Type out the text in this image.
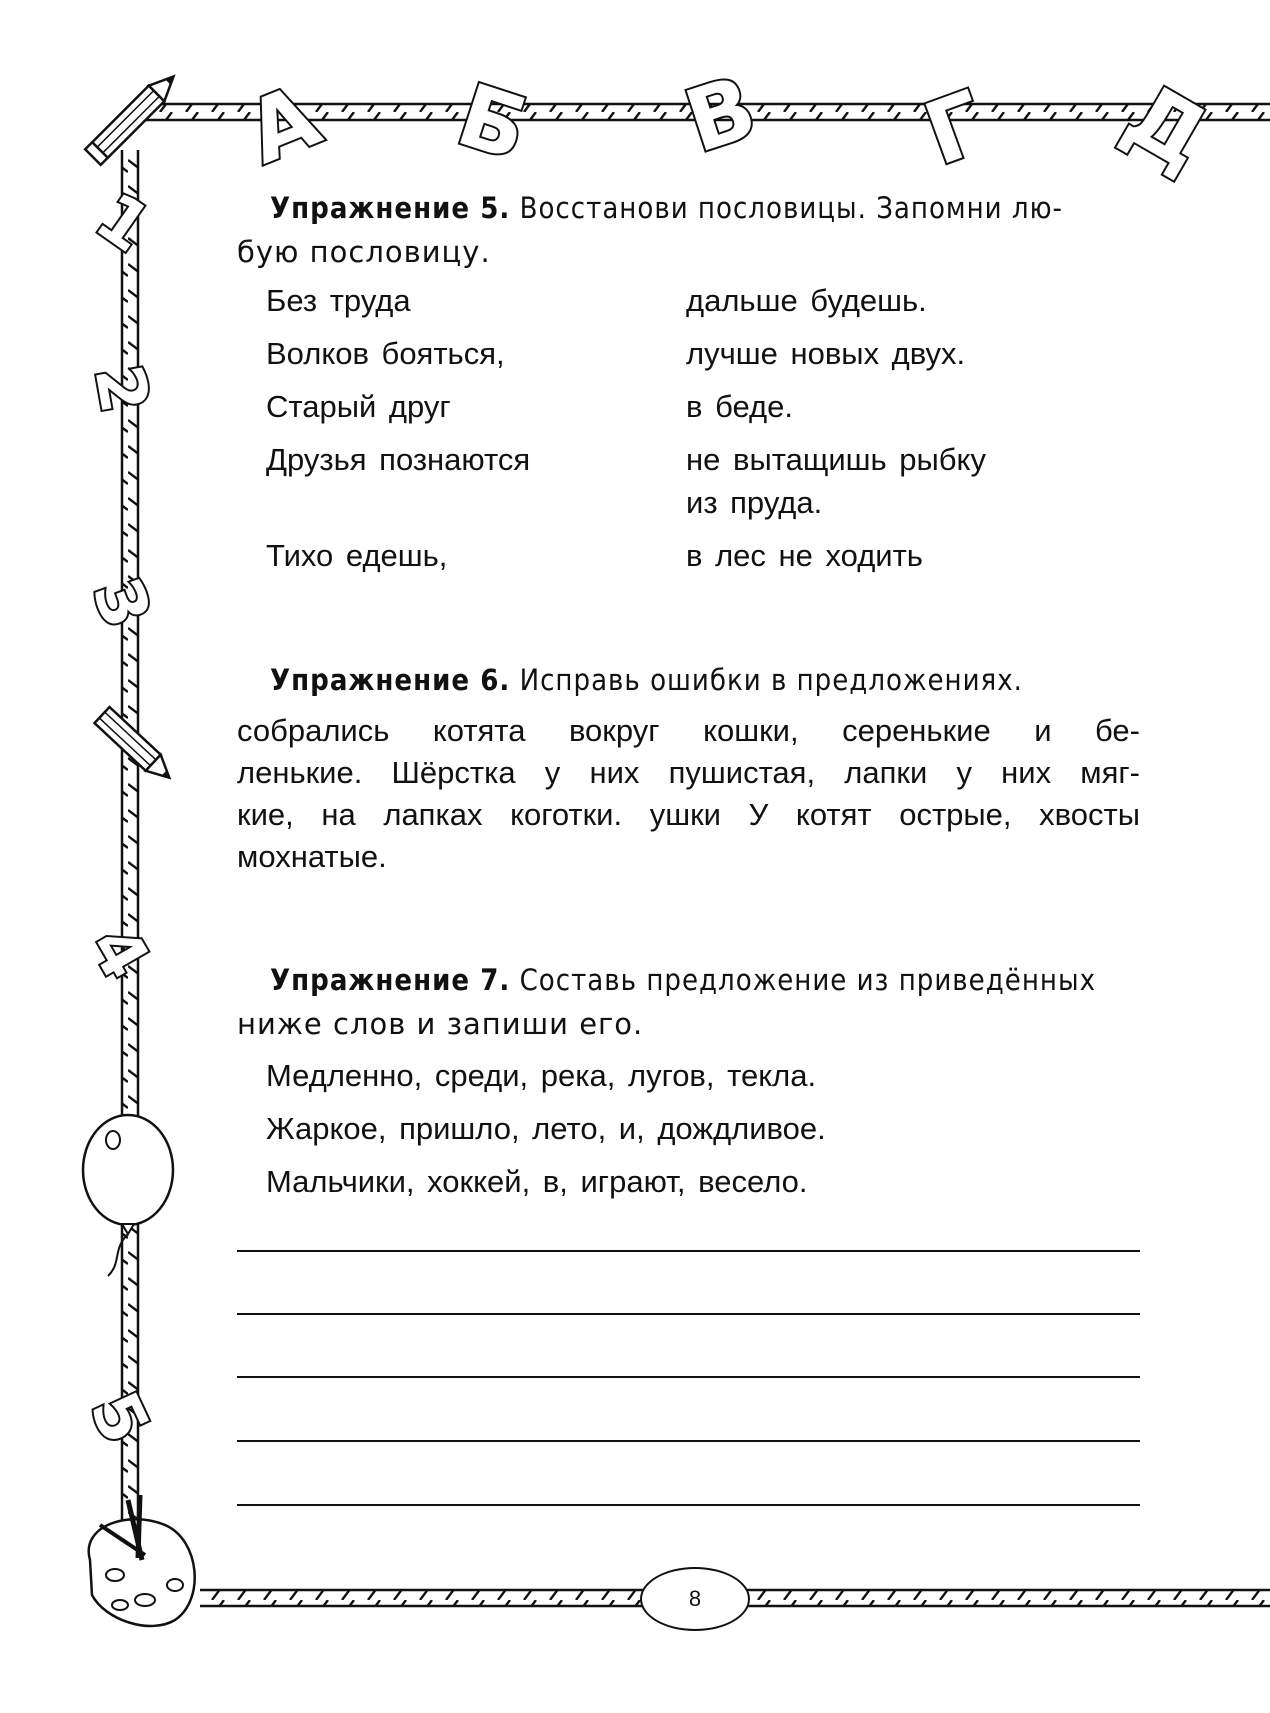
А Б В Г Д
1
2
3
4
5
Упражнение 5. Восстанови пословицы. Запомни лю-
бую пословицу.
Без труда
Волков бояться,
Старый друг
Друзья познаются
Тихо едешь,
дальше будешь.
лучше новых двух.
в беде.
не вытащишь рыбку
из пруда.
в лес не ходить
Упражнение 6. Исправь ошибки в предложениях.
собрались котята вокруг кошки, серенькие и бе-
ленькие. Шёрстка у них пушистая, лапки у них мяг-
кие, на лапках коготки. ушки У котят острые, хвосты
мохнатые.
Упражнение 7. Составь предложение из приведённых
ниже слов и запиши его.
Медленно, среди, река, лугов, текла.
Жаркое, пришло, лето, и, дождливое.
Мальчики, хоккей, в, играют, весело.
8
